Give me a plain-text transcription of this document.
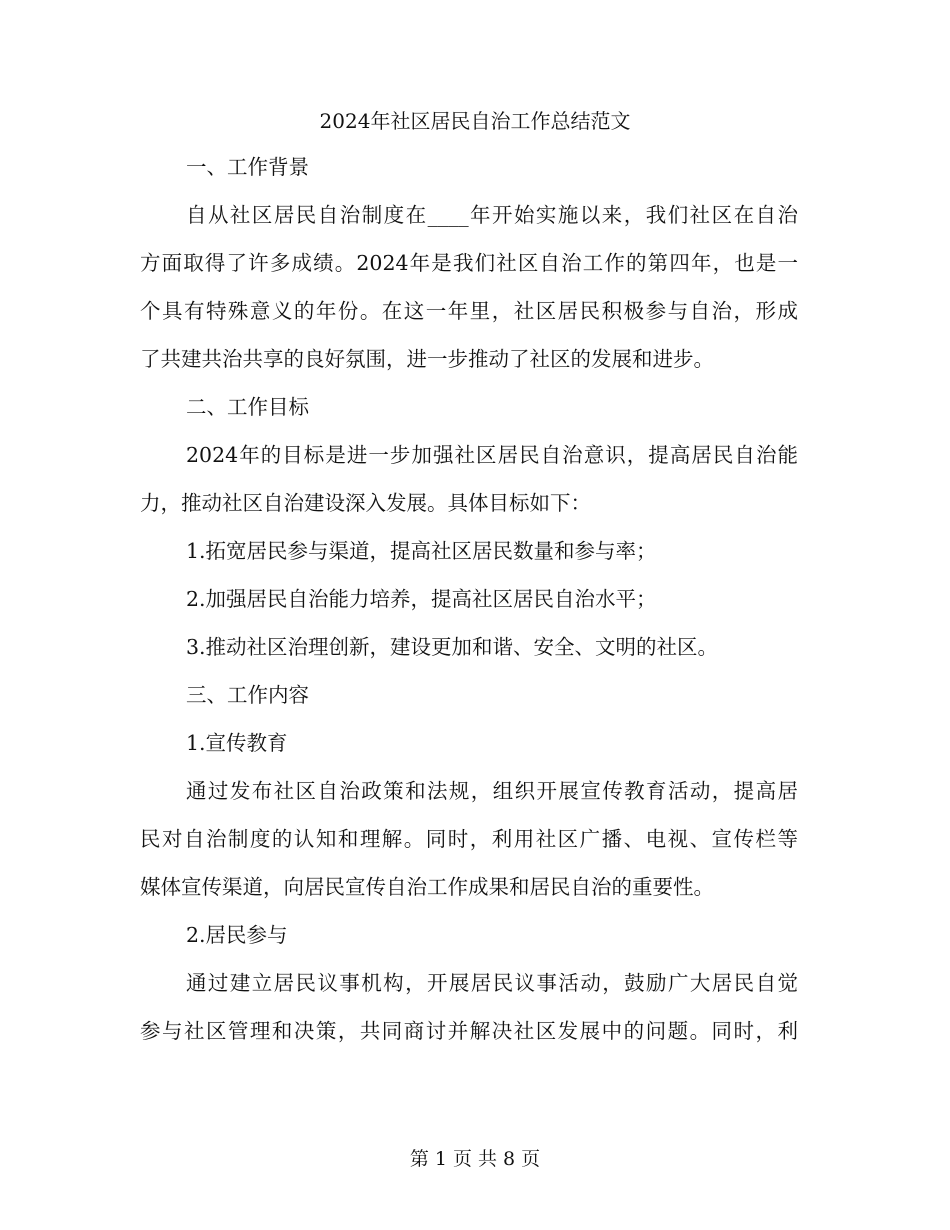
2024年社区居民自治工作总结范文
一、工作背景
自从社区居民自治制度在____年开始实施以来，我们社区在自治
方面取得了许多成绩。2024年是我们社区自治工作的第四年，也是一
个具有特殊意义的年份。在这一年里，社区居民积极参与自治，形成
了共建共治共享的良好氛围，进一步推动了社区的发展和进步。
二、工作目标
2024年的目标是进一步加强社区居民自治意识，提高居民自治能
力，推动社区自治建设深入发展。具体目标如下：
1.拓宽居民参与渠道，提高社区居民数量和参与率；
2.加强居民自治能力培养，提高社区居民自治水平；
3.推动社区治理创新，建设更加和谐、安全、文明的社区。
三、工作内容
1.宣传教育
通过发布社区自治政策和法规，组织开展宣传教育活动，提高居
民对自治制度的认知和理解。同时，利用社区广播、电视、宣传栏等
媒体宣传渠道，向居民宣传自治工作成果和居民自治的重要性。
2.居民参与
通过建立居民议事机构，开展居民议事活动，鼓励广大居民自觉
参与社区管理和决策，共同商讨并解决社区发展中的问题。同时，利
第 1 页 共 8 页
